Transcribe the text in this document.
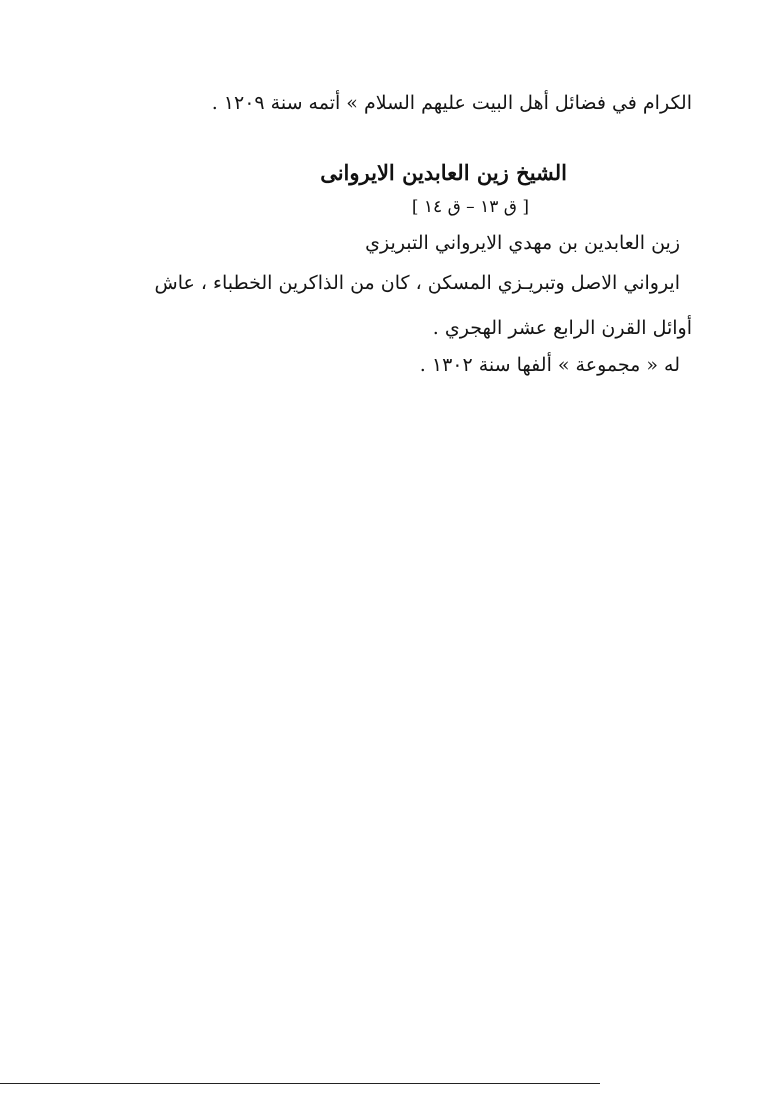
الكرام في فضائل أهل البيت عليهم السلام » أتمه سنة ١٢٠٩ .
الشيخ زين العابدين الايروانى
[ ق ١٣ – ق ١٤ ]
زين العابدين بن مهدي الايرواني التبريزي
ايرواني الاصل وتبريـزي المسكن ، كان من الذاكرين الخطباء ، عاش
أوائل القرن الرابع عشر الهجري .
له « مجموعة » ألفها سنة ١٣٠٢ .
